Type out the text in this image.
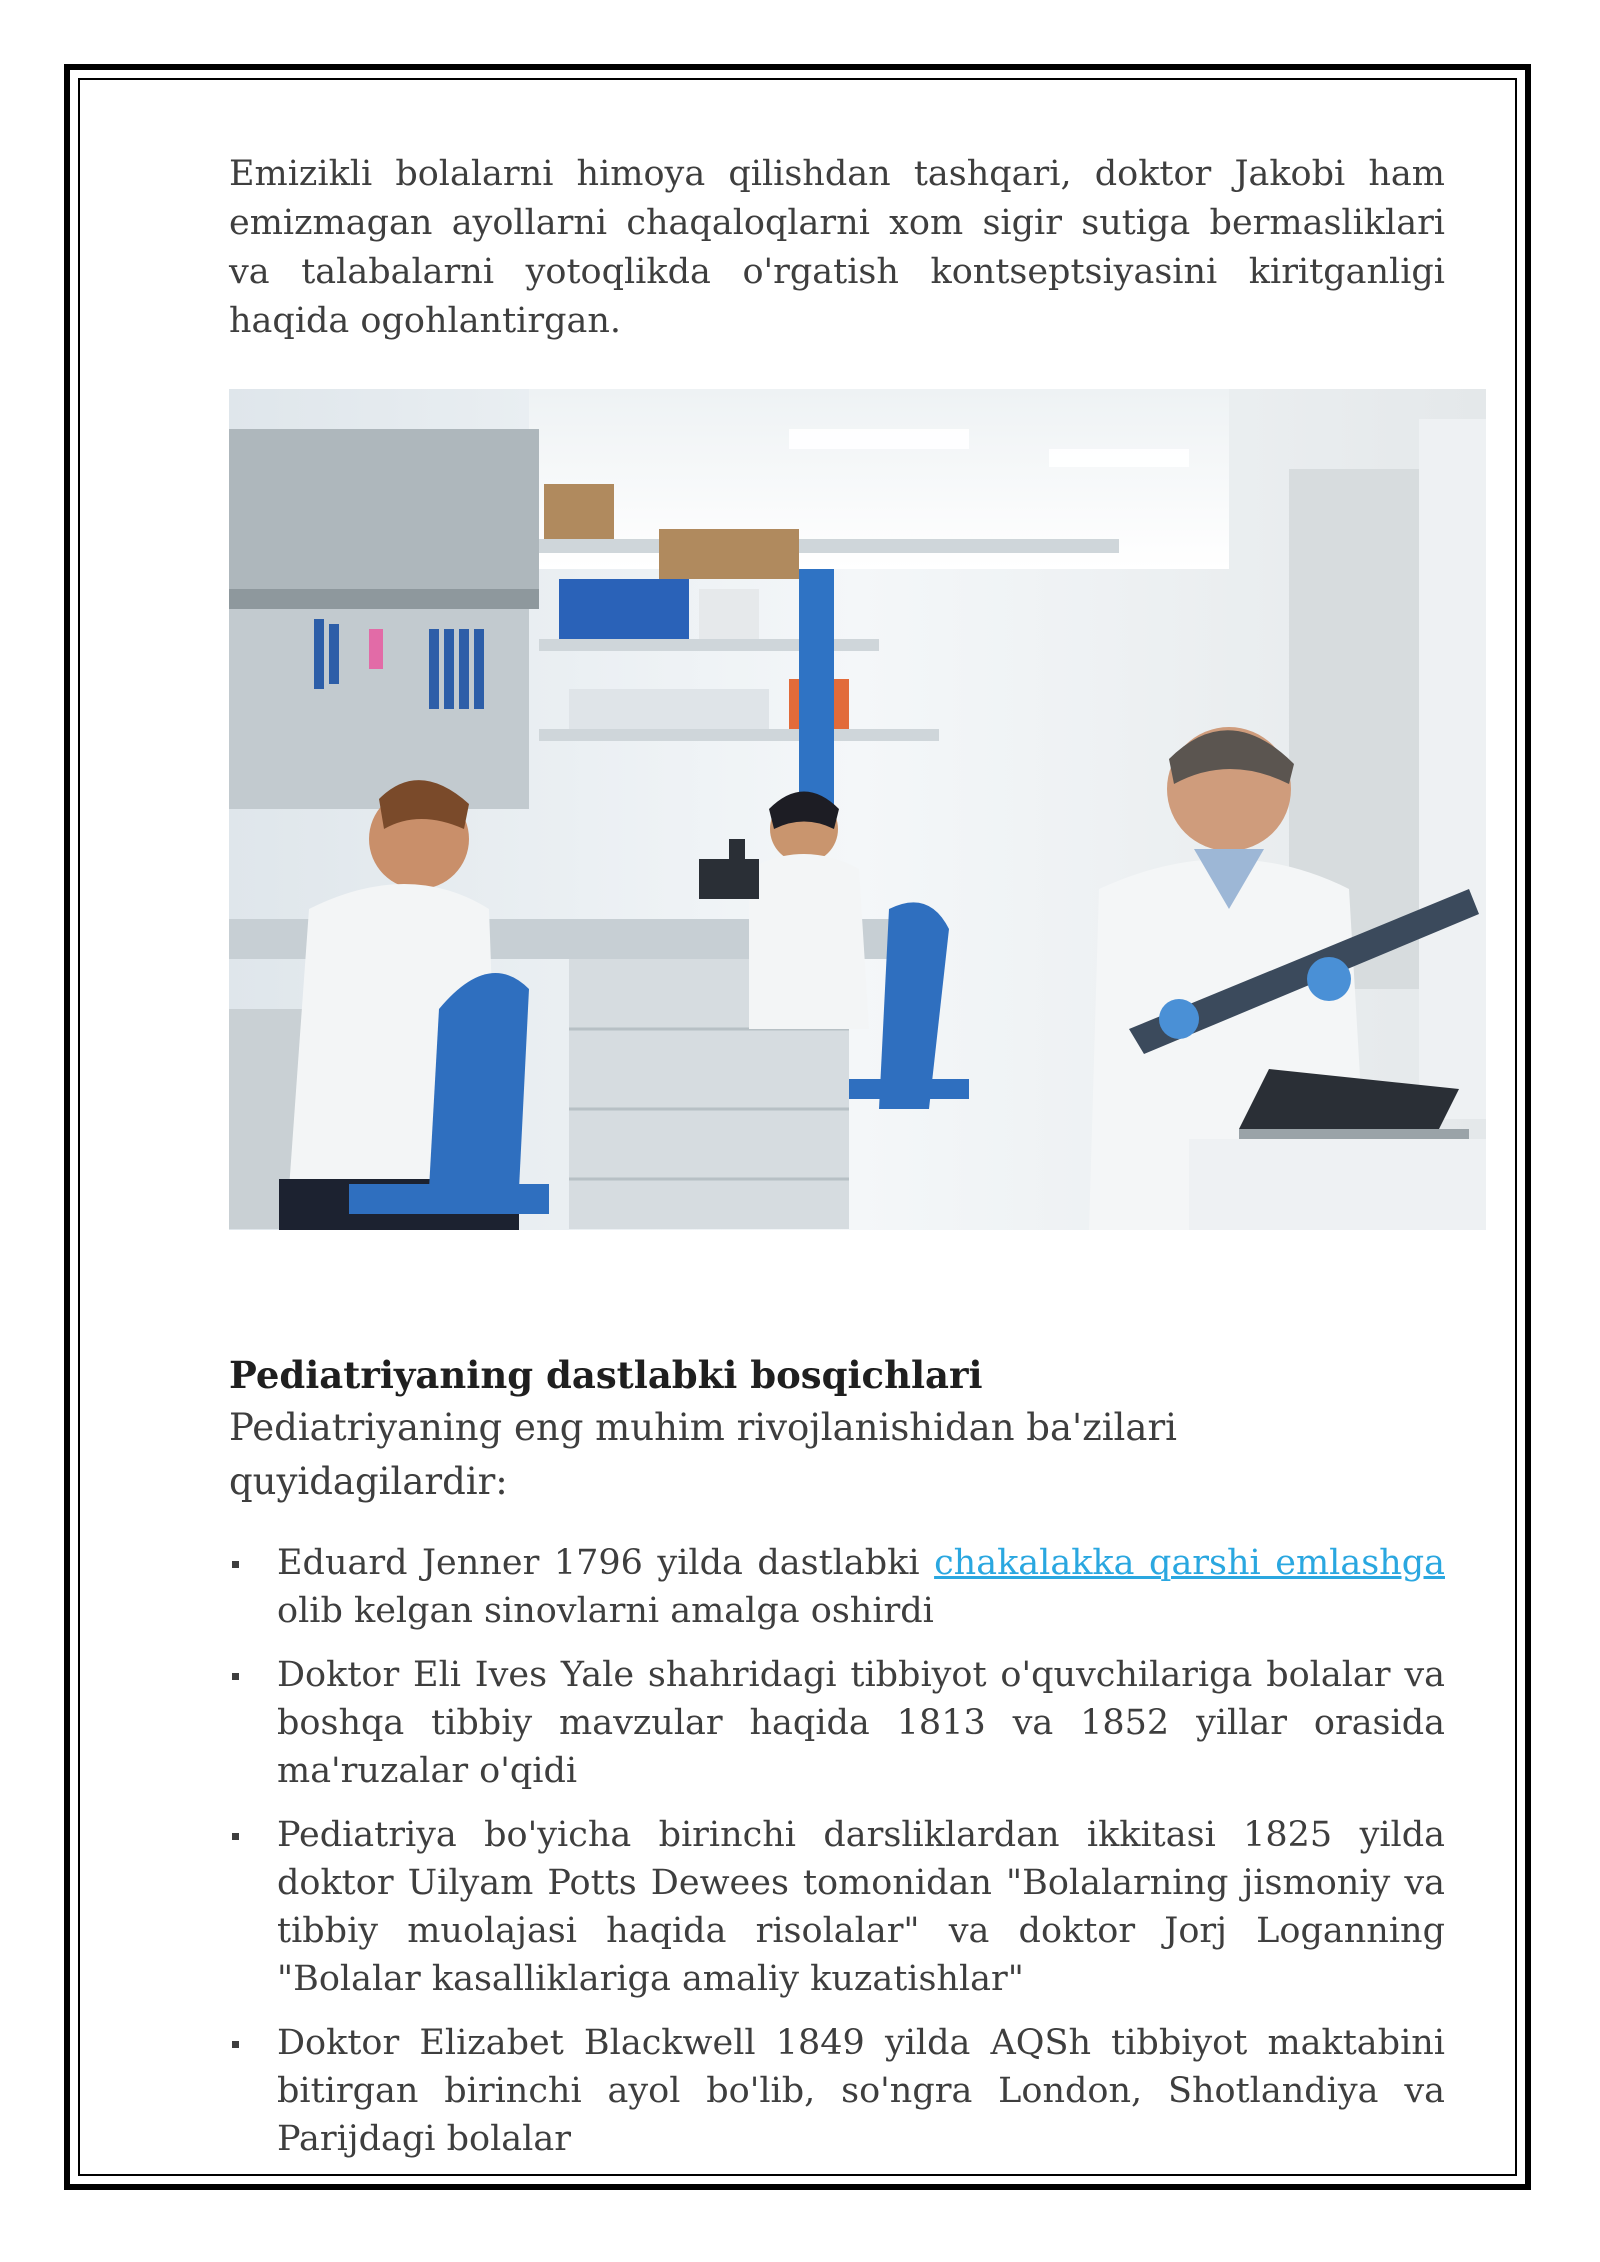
Emizikli bolalarni himoya qilishdan tashqari, doktor Jakobi ham emizmagan ayollarni chaqaloqlarni xom sigir sutiga bermasliklari va talabalarni yotoqlikda o'rgatish kontseptsiyasini kiritganligi haqida ogohlantirgan.

Pediatriyaning dastlabki bosqichlari

Pediatriyaning eng muhim rivojlanishidan ba'zilari quyidagilardir:

Eduard Jenner 1796 yilda dastlabki chakalakka qarshi emlashga olib kelgan sinovlarni amalga oshirdi
Doktor Eli Ives Yale shahridagi tibbiyot o'quvchilariga bolalar va boshqa tibbiy mavzular haqida 1813 va 1852 yillar orasida ma'ruzalar o'qidi
Pediatriya bo'yicha birinchi darsliklardan ikkitasi 1825 yilda doktor Uilyam Potts Dewees tomonidan "Bolalarning jismoniy va tibbiy muolajasi haqida risolalar" va doktor Jorj Loganning "Bolalar kasalliklariga amaliy kuzatishlar"
Doktor Elizabet Blackwell 1849 yilda AQSh tibbiyot maktabini bitirgan birinchi ayol bo'lib, so'ngra London, Shotlandiya va Parijdagi bolalar
